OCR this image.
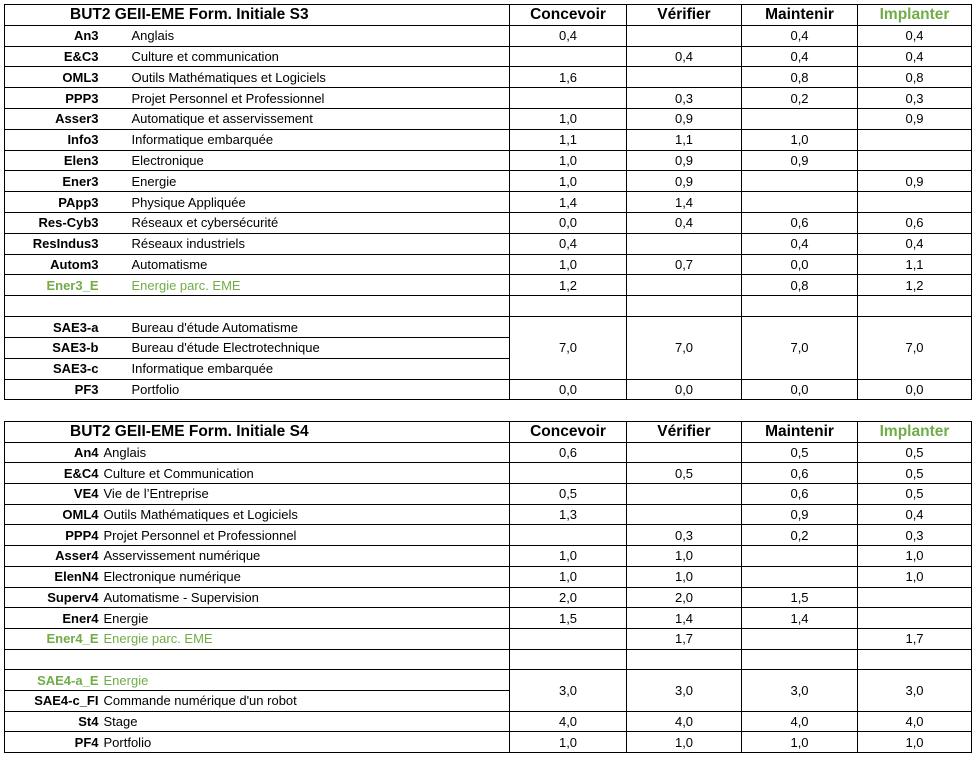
BUT2 GEII-EME Form. Initiale S3		Concevoir	Vérifier	Maintenir	Implanter
An3	Anglais	0,4		0,4	0,4
E&C3	Culture et communication		0,4	0,4	0,4
OML3	Outils Mathématiques et Logiciels	1,6		0,8	0,8
PPP3	Projet Personnel et Professionnel		0,3	0,2	0,3
Asser3	Automatique et asservissement	1,0	0,9		0,9
Info3	Informatique embarquée	1,1	1,1	1,0	
Elen3	Electronique	1,0	0,9	0,9	
Ener3	Energie	1,0	0,9		0,9
PApp3	Physique Appliquée	1,4	1,4		
Res-Cyb3	Réseaux et cybersécurité	0,0	0,4	0,6	0,6
ResIndus3	Réseaux industriels	0,4		0,4	0,4
Autom3	Automatisme	1,0	0,7	0,0	1,1
Ener3_E	Energie parc. EME	1,2		0,8	1,2

SAE3-a	Bureau d'étude Automatisme	7,0	7,0	7,0	7,0
SAE3-b	Bureau d'étude Electrotechnique				
SAE3-c	Informatique embarquée				
PF3	Portfolio	0,0	0,0	0,0	0,0
BUT2 GEII-EME Form. Initiale S4		Concevoir	Vérifier	Maintenir	Implanter
An4	Anglais	0,6		0,5	0,5
E&C4	Culture et Communication		0,5	0,6	0,5
VE4	Vie de l’Entreprise	0,5		0,6	0,5
OML4	Outils Mathématiques et Logiciels	1,3		0,9	0,4
PPP4	Projet Personnel et Professionnel		0,3	0,2	0,3
Asser4	Asservissement numérique	1,0	1,0		1,0
ElenN4	Electronique numérique	1,0	1,0		1,0
Superv4	Automatisme - Supervision	2,0	2,0	1,5	
Ener4	Energie	1,5	1,4	1,4	
Ener4_E	Energie parc. EME		1,7		1,7

SAE4-a_E	Energie	3,0	3,0	3,0	3,0
SAE4-c_FI	Commande numérique d'un robot				
St4	Stage	4,0	4,0	4,0	4,0
PF4	Portfolio	1,0	1,0	1,0	1,0
